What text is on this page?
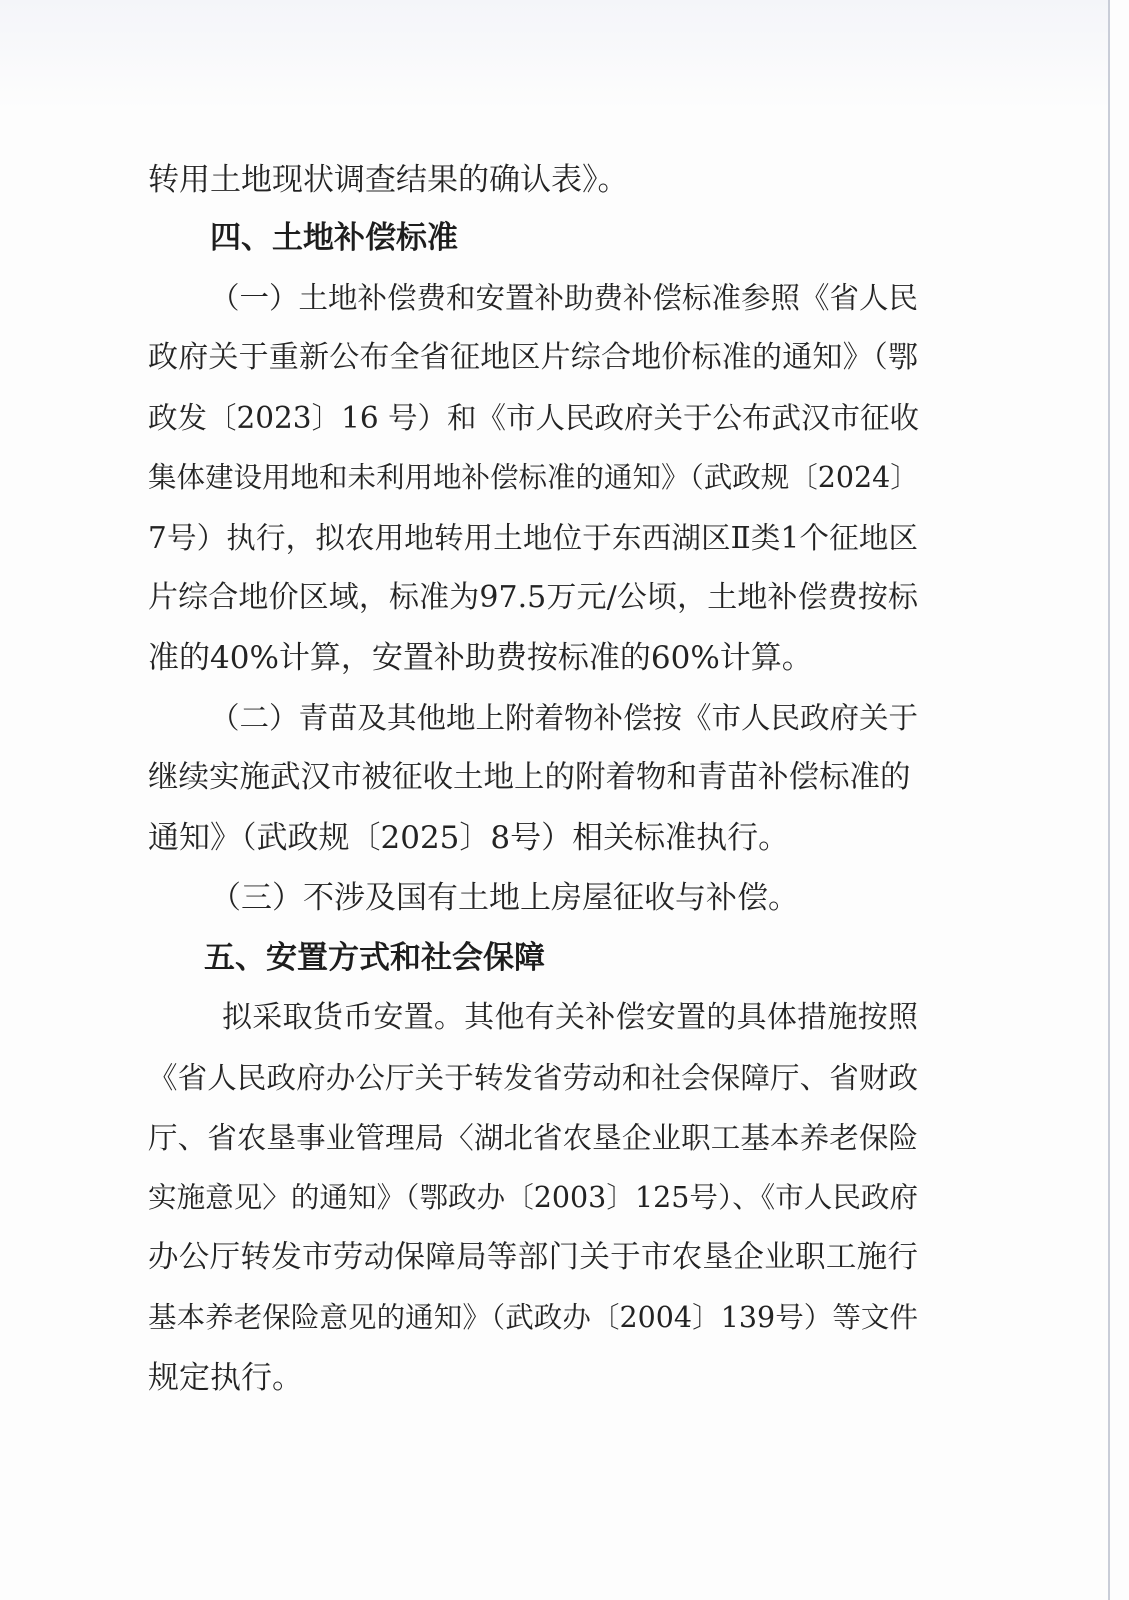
转用土地现状调查结果的确认表》。

四、土地补偿标准

（一）土地补偿费和安置补助费补偿标准参照《省人民

政府关于重新公布全省征地区片综合地价标准的通知》（鄂

政发〔2023〕16 号）和《市人民政府关于公布武汉市征收

集体建设用地和未利用地补偿标准的通知》（武政规〔2024〕

7号）执行，拟农用地转用土地位于东西湖区Ⅱ类1个征地区

片综合地价区域，标准为97.5万元/公顷，土地补偿费按标

准的40%计算，安置补助费按标准的60%计算。

（二）青苗及其他地上附着物补偿按《市人民政府关于

继续实施武汉市被征收土地上的附着物和青苗补偿标准的

通知》（武政规〔2025〕8号）相关标准执行。

（三）不涉及国有土地上房屋征收与补偿。

五、安置方式和社会保障

拟采取货币安置。其他有关补偿安置的具体措施按照

《省人民政府办公厅关于转发省劳动和社会保障厅、省财政

厅、省农垦事业管理局〈湖北省农垦企业职工基本养老保险

实施意见〉的通知》（鄂政办〔2003〕125号）、《市人民政府

办公厅转发市劳动保障局等部门关于市农垦企业职工施行

基本养老保险意见的通知》（武政办〔2004〕139号）等文件

规定执行。
